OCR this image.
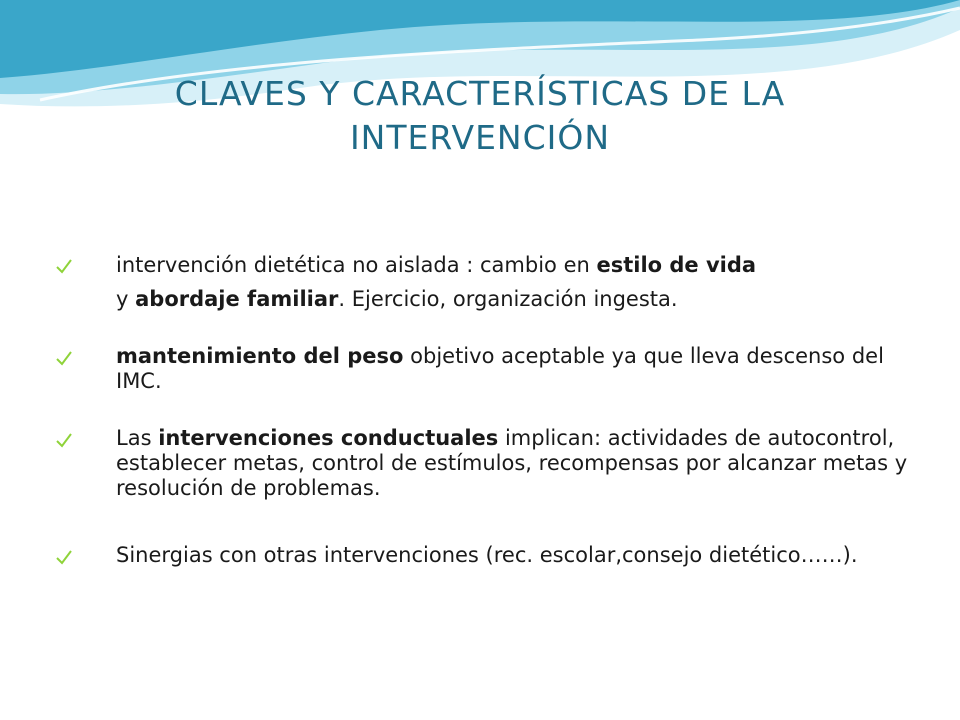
CLAVES Y CARACTERÍSTICAS DE LA
INTERVENCIÓN
intervención dietética no aislada : cambio en estilo de vida
y abordaje familiar. Ejercicio, organización ingesta.
mantenimiento del peso objetivo aceptable ya que lleva descenso del IMC.
Las intervenciones conductuales implican: actividades de autocontrol, establecer metas, control de estímulos, recompensas por alcanzar metas y resolución de problemas.
Sinergias con otras intervenciones (rec. escolar,consejo dietético……).
